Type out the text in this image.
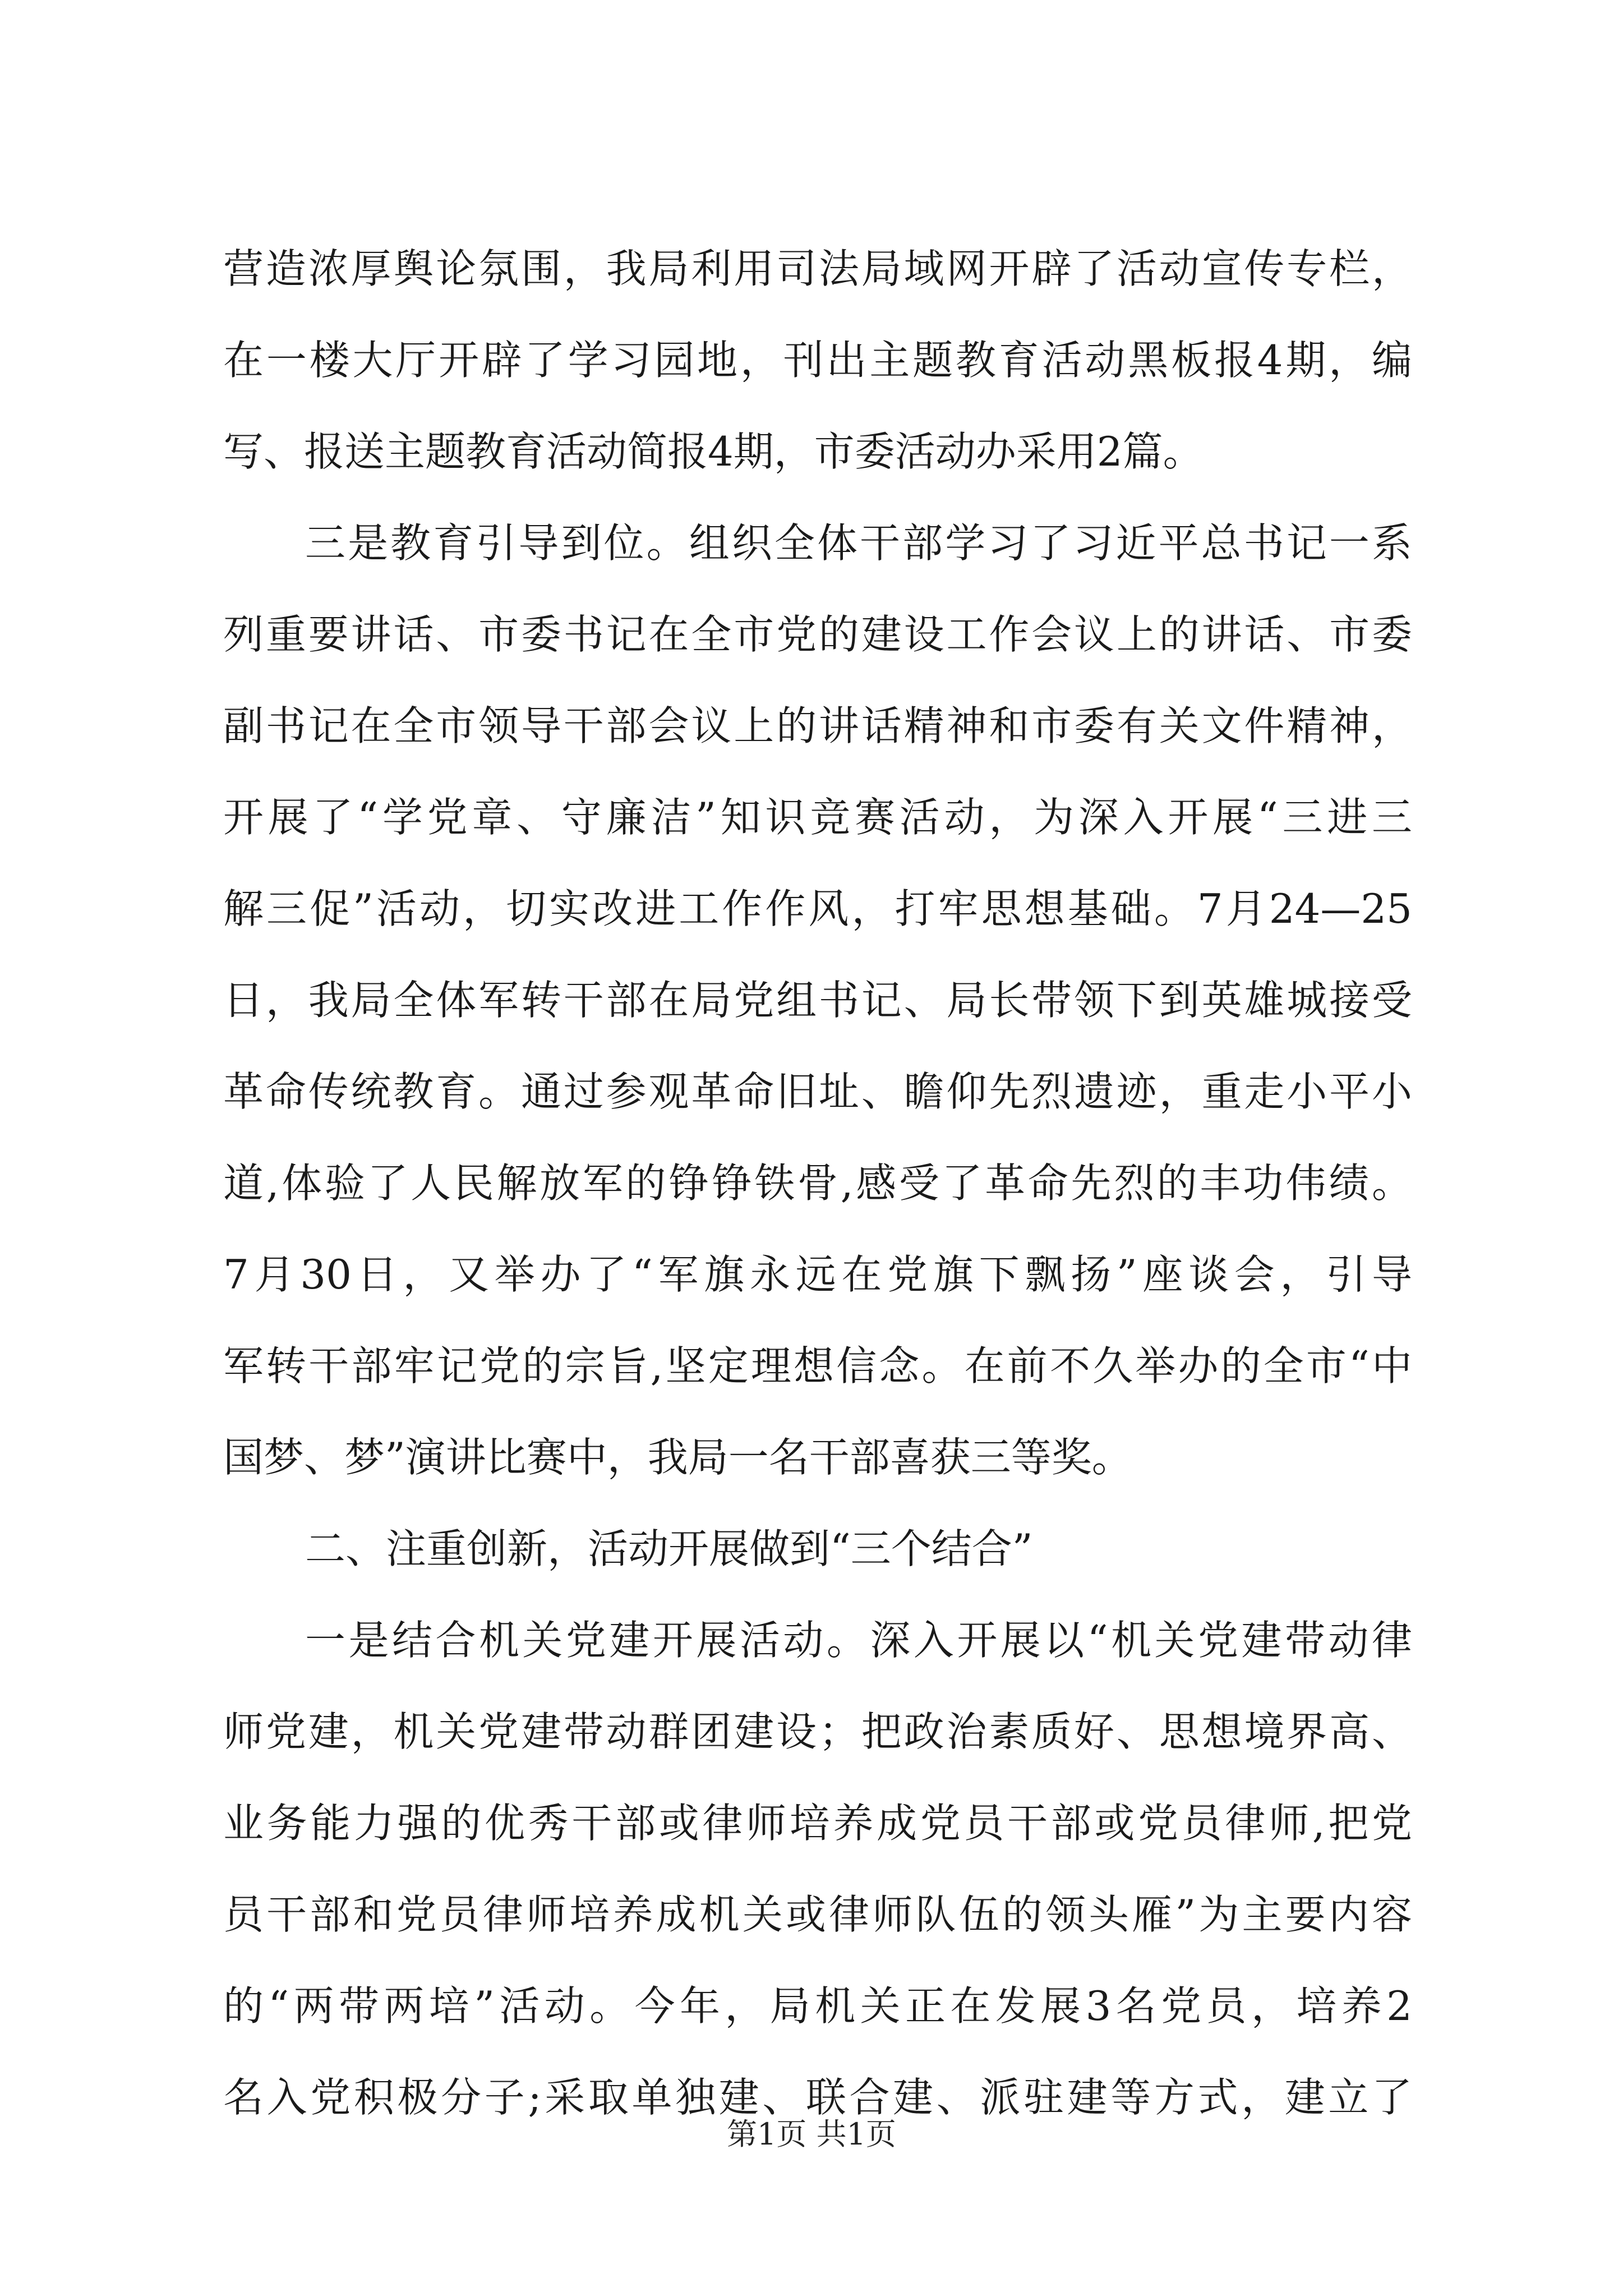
营造浓厚舆论氛围，我局利用司法局域网开辟了活动宣传专栏，
在一楼大厅开辟了学习园地，刊出主题教育活动黑板报4期，编
写、报送主题教育活动简报4期，市委活动办采用2篇。
三是教育引导到位。组织全体干部学习了习近平总书记一系
列重要讲话、市委书记在全市党的建设工作会议上的讲话、市委
副书记在全市领导干部会议上的讲话精神和市委有关文件精神，
开展了“学党章、守廉洁”知识竞赛活动，为深入开展“三进三
解三促”活动，切实改进工作作风，打牢思想基础。7月24—25
日，我局全体军转干部在局党组书记、局长带领下到英雄城接受
革命传统教育。通过参观革命旧址、瞻仰先烈遗迹，重走小平小
道,体验了人民解放军的铮铮铁骨,感受了革命先烈的丰功伟绩。
7月30日，又举办了“军旗永远在党旗下飘扬”座谈会，引导
军转干部牢记党的宗旨,坚定理想信念。在前不久举办的全市“中
国梦、梦”演讲比赛中，我局一名干部喜获三等奖。
二、注重创新，活动开展做到“三个结合”
一是结合机关党建开展活动。深入开展以“机关党建带动律
师党建，机关党建带动群团建设；把政治素质好、思想境界高、
业务能力强的优秀干部或律师培养成党员干部或党员律师,把党
员干部和党员律师培养成机关或律师队伍的领头雁”为主要内容
的“两带两培”活动。今年，局机关正在发展3名党员，培养2
名入党积极分子;采取单独建、联合建、派驻建等方式，建立了
第1页 共1页
